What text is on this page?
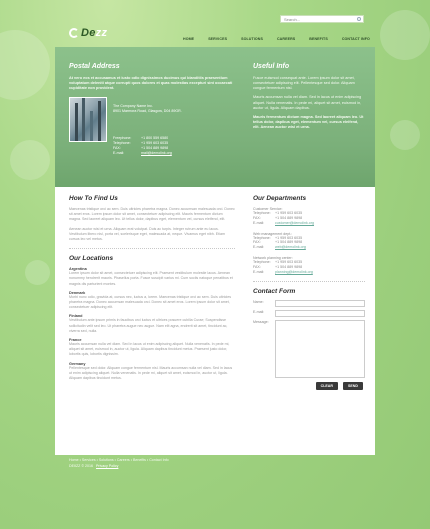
Dezz
Search...
HOME	SERVICES	SOLUTIONS	CAREERS	BENEFITS	CONTACT INFO
Postal Address

At vero eos et accusamus et iusto odio dignissimos ducimus qui blanditiis praesentium voluptatum deleniti atque corrupti quos dolores et quas molestias excepturi sint occaecati cupiditate non provident.

The Company Name Inc.
8901 Marmora Road, Glasgow, D04 89GR.
Freephone:	+1 800 559 6580
Telephone:	+1 959 603 6035
FAX:	+1 504 889 9898
E-mail:	mail@demolink.org
Useful Info

Fusce euismod consequat ante. Lorem ipsum dolor sit amet, consectetuer adipiscing elit. Pellentesque sed dolor. Aliquam congue fermentum nisl.

Mauris accumsan nulla vel diam. Sed in lacus ut enim adipiscing aliquet. Nulla venenatis. In pede mi, aliquet sit amet, euismod in, auctor ut, ligula. Aliquam dapibus.

Mauris fermentum dictum magna. Sed laoreet aliquam leo. Ut tellus dolor, dapibus eget, elementum vel, cursus eleifend, elit. Aenean auctor wisi et urna.

How To Find Us

Maecenas tristique orci ac sem. Duis ultricies pharetra magna. Donec accumsan malesuada orci. Donec sit amet eros. Lorem ipsum dolor sit amet, consectetuer adipiscing elit. Mauris fermentum dictum magna. Sed laoreet aliquam leo. Ut tellus dolor, dapibus eget, elementum vel, cursus eleifend, elit.

Aenean auctor wisi et urna. Aliquam erat volutpat. Duis ac turpis. Integer rutrum ante eu lacus. Vestibulum libero nisl, porta vel, scelerisque eget, malesuada at, neque. Vivamus eget nibh. Etiam cursus leo vel metus.

Our Locations
Argentina

Lorem ipsum dolor sit amet, consectetuer adipiscing elit. Praesent vestibulum molestie lacus. Aenean nonummy hendrerit mauris. Phasellus porta. Fusce suscipit varius mi. Cum sociis natoque penatibus et magnis dis parturient montes.

Denmark

Morbi nunc odio, gravida at, cursus nec, luctus a, lorem. Maecenas tristique orci ac sem. Duis ultricies pharetra magna. Donec accumsan malesuada orci. Donec sit amet eros. Lorem ipsum dolor sit amet, consectetuer adipiscing elit.

Finland

Vestibulum ante ipsum primis in faucibus orci luctus et ultrices posuere cubilia Curae; Suspendisse sollicitudin velit sed leo. Ut pharetra augue nec augue. Nam elit agna, endrerit sit amet, tincidunt ac, viverra sed, nulla.

France

Mauris accumsan nulla vel diam. Sed in lacus ut enim adipiscing aliquet. Nulla venenatis. In pede mi, aliquet sit amet, euismod in, auctor ut, ligula. Aliquam dapibus tincidunt metus. Praesent justo dolor, lobortis quis, lobortis dignissim.

Germany

Pellentesque sed dolor. Aliquam congue fermentum nisl. Mauris accumsan nulla vel diam. Sed in lacus ut enim adipiscing aliquet. Nulla venenatis. In pede mi, aliquet sit amet, euismod in, auctor ut, ligula. Aliquam dapibus tincidunt metus.

Our Departments
Customer Service:
Telephone:	+1 959 603 6035
FAX:	+1 504 889 9898
E-mail:	customer@demolink.org
Web management dept.:
Telephone:	+1 959 603 6035
FAX:	+1 504 889 9898
E-mail:	web@demolink.org
Network planning center:
Telephone:	+1 959 603 6035
FAX:	+1 504 889 9898
E-mail:	planning@demolink.org
Contact Form
Name:
E-mail:
Message:
CLEAR	SEND
Home • Services • Solutions • Careers • Benefits • Contact Info
DEIIZZ © 2016 Privacy Policy
